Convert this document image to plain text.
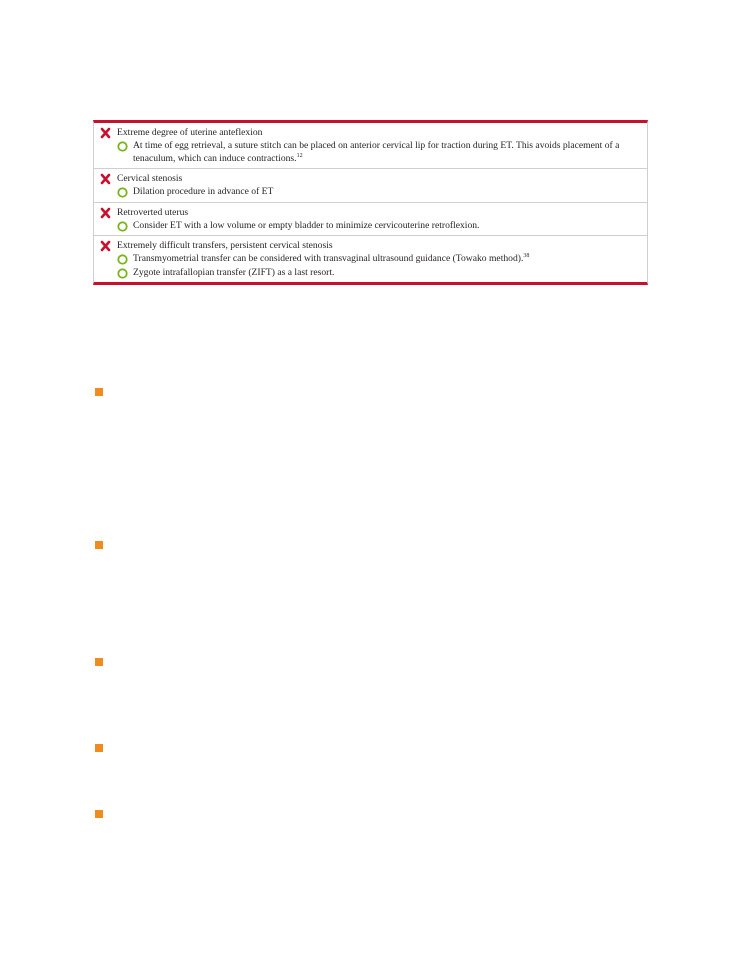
Extreme degree of uterine anteflexion
At time of egg retrieval, a suture stitch can be placed on anterior cervical lip for traction during ET. This avoids placement of a tenaculum, which can induce contractions.$^{12}$
Cervical stenosis
Dilation procedure in advance of ET
Retroverted uterus
Consider ET with a low volume or empty bladder to minimize cervicouterine retroflexion.
Extremely difficult transfers, persistent cervical stenosis
Transmyometrial transfer can be considered with transvaginal ultrasound guidance (Towako method).$^{38}$
Zygote intrafallopian transfer (ZIFT) as a last resort.
